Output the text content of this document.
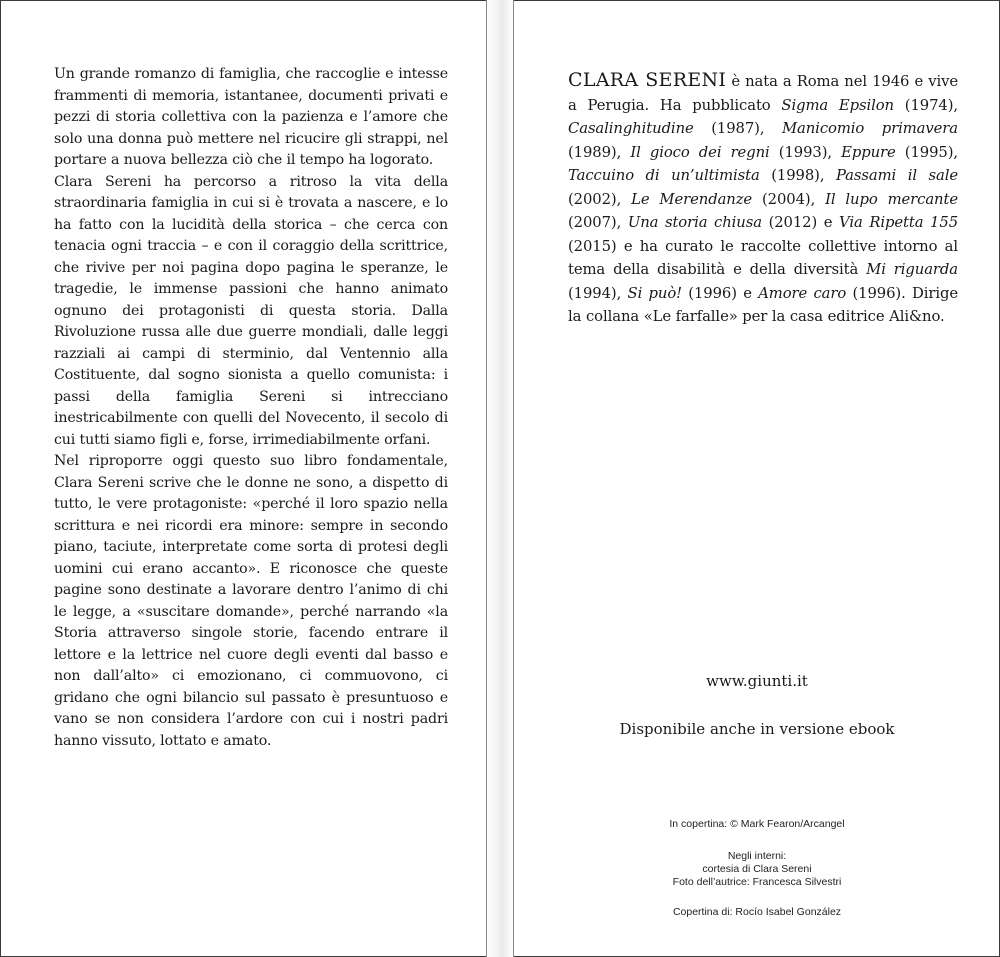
Un grande romanzo di famiglia, che raccoglie e intesse frammenti di memoria, istantanee, documenti privati e pezzi di storia collettiva con la pazienza e l’amore che solo una donna può mettere nel ricucire gli strappi, nel portare a nuova bellezza ciò che il tempo ha logorato.

Clara Sereni ha percorso a ritroso la vita della straordinaria famiglia in cui si è trovata a nascere, e lo ha fatto con la lucidità della storica – che cerca con tenacia ogni traccia – e con il coraggio della scrittrice, che rivive per noi pagina dopo pagina le speranze, le tragedie, le immense passioni che hanno animato ognuno dei protagonisti di questa storia. Dalla Rivoluzione russa alle due guerre mondiali, dalle leggi razziali ai campi di sterminio, dal Ventennio alla Costituente, dal sogno sionista a quello comunista: i passi della famiglia Sereni si intrecciano inestricabilmente con quelli del Novecento, il secolo di cui tutti siamo figli e, forse, irrimediabilmente orfani.

Nel riproporre oggi questo suo libro fondamentale, Clara Sereni scrive che le donne ne sono, a dispetto di tutto, le vere protagoniste: «perché il loro spazio nella scrittura e nei ricordi era minore: sempre in secondo piano, taciute, interpretate come sorta di protesi degli uomini cui erano accanto». E riconosce che queste pagine sono destinate a lavorare dentro l’animo di chi le legge, a «suscitare domande», perché narrando «la Storia attraverso singole storie, facendo entrare il lettore e la lettrice nel cuore degli eventi dal basso e non dall’alto» ci emozionano, ci commuovono, ci gridano che ogni bilancio sul passato è presuntuoso e vano se non considera l’ardore con cui i nostri padri hanno vissuto, lottato e amato.

CLARA SERENI è nata a Roma nel 1946 e vive a Perugia. Ha pubblicato Sigma Epsilon (1974), Casalinghitudine (1987), Manicomio primavera (1989), Il gioco dei regni (1993), Eppure (1995), Taccuino di un’ultimista (1998), Passami il sale (2002), Le Merendanze (2004), Il lupo mercante (2007), Una storia chiusa (2012) e Via Ripetta 155 (2015) e ha curato le raccolte collettive intorno al tema della disabilità e della diversità Mi riguarda (1994), Si può! (1996) e Amore caro (1996). Dirige la collana «Le farfalle» per la casa editrice Ali&no.
www.giunti.it
Disponibile anche in versione ebook
In copertina: © Mark Fearon/Arcangel
Negli interni:
cortesia di Clara Sereni
Foto dell’autrice: Francesca Silvestri
Copertina di: Rocío Isabel González
